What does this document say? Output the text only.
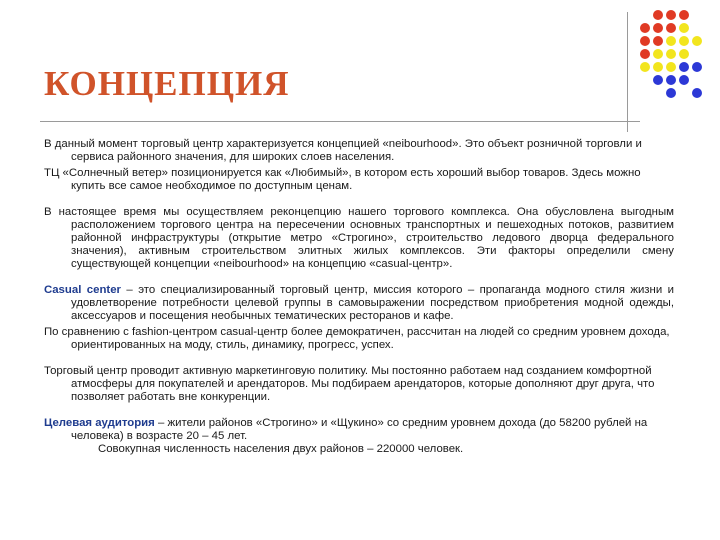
КОНЦЕПЦИЯ

В данный момент торговый центр характеризуется концепцией «neibourhood». Это объект розничной торговли и сервиса районного значения, для широких слоев населения.

ТЦ «Солнечный ветер» позиционируется как «Любимый», в котором есть хороший выбор товаров. Здесь можно купить все самое необходимое по доступным ценам.

В настоящее время мы осуществляем реконцепцию нашего торгового комплекса. Она обусловлена выгодным расположением торгового центра на пересечении основных транспортных и пешеходных потоков, развитием районной инфраструктуры (открытие метро «Строгино», строительство ледового дворца федерального значения), активным строительством элитных жилых комплексов. Эти факторы определили смену существующей концепции «neibourhood» на концепцию «casual-центр».

Casual center – это специализированный торговый центр, миссия которого – пропаганда модного стиля жизни и удовлетворение потребности целевой группы в самовыражении посредством приобретения модной одежды, аксессуаров и посещения необычных тематических ресторанов и кафе.

По сравнению с fashion-центром casual-центр более демократичен, рассчитан на людей со средним уровнем дохода, ориентированных на моду, стиль, динамику, прогресс, успех.

Торговый центр проводит активную маркетинговую политику. Мы постоянно работаем над созданием комфортной атмосферы для покупателей и арендаторов. Мы подбираем арендаторов, которые дополняют друг друга, что позволяет работать вне конкуренции.

Целевая аудитория – жители районов «Строгино» и «Щукино» со средним уровнем дохода (до 58200 рублей на человека) в возрасте 20 – 45 лет.
Совокупная численность населения двух районов – 220000 человек.
